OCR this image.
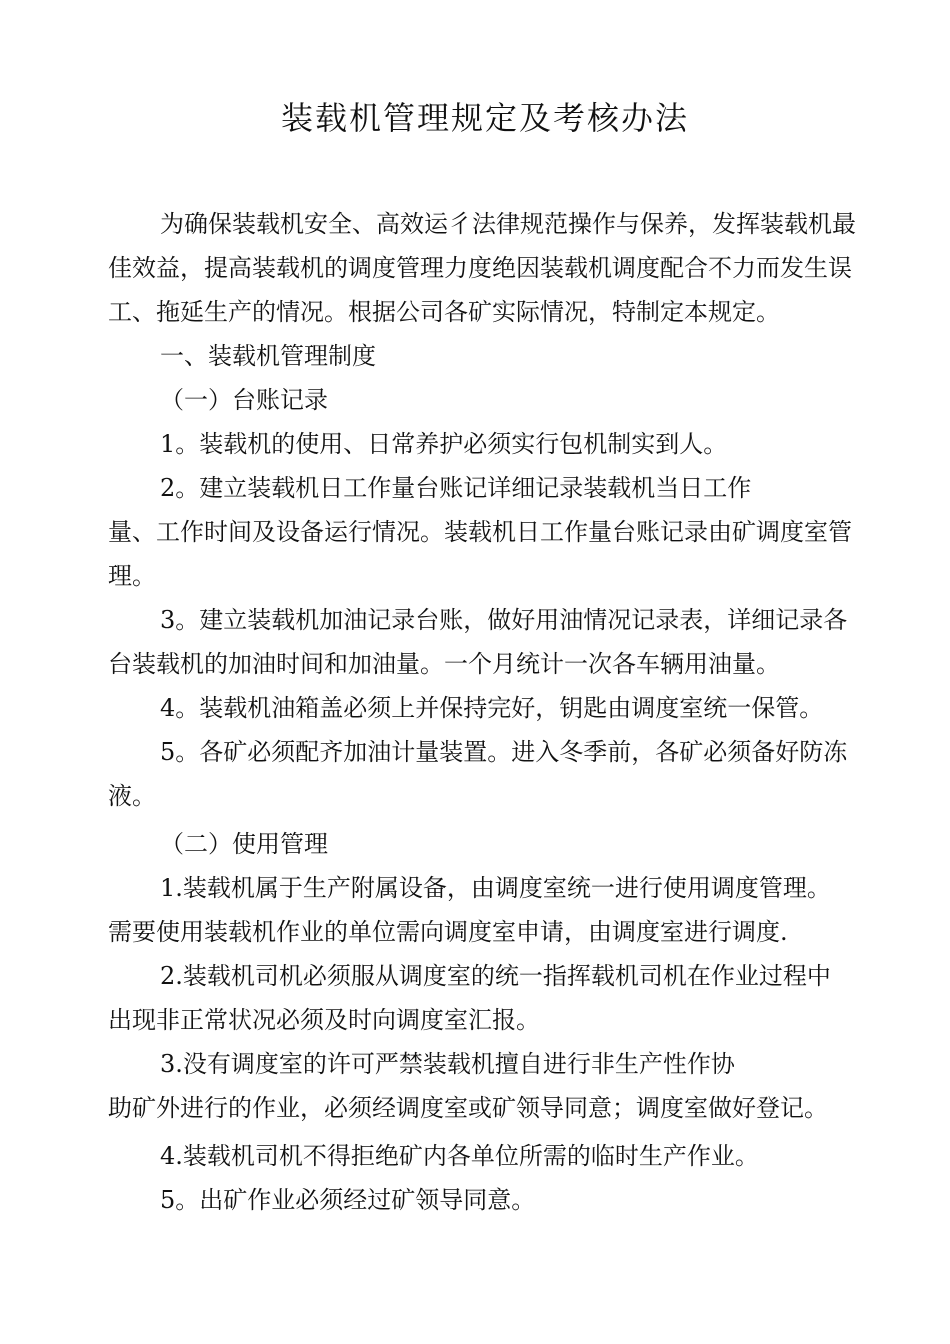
装载机管理规定及考核办法
为确保装载机安全、高效运彳法律规范操作与保养，发挥装载机最
佳效益，提高装载机的调度管理力度绝因装载机调度配合不力而发生误
工、拖延生产的情况。根据公司各矿实际情况，特制定本规定。
一、装载机管理制度
（一）台账记录
1。装载机的使用、日常养护必须实行包机制实到人。
2。建立装载机日工作量台账记详细记录装载机当日工作
量、工作时间及设备运行情况。装载机日工作量台账记录由矿调度室管
理。
3。建立装载机加油记录台账，做好用油情况记录表，详细记录各
台装载机的加油时间和加油量。一个月统计一次各车辆用油量。
4。装载机油箱盖必须上并保持完好，钥匙由调度室统一保管。
5。各矿必须配齐加油计量装置。进入冬季前，各矿必须备好防冻
液。
（二）使用管理
1.装载机属于生产附属设备，由调度室统一进行使用调度管理。
需要使用装载机作业的单位需向调度室申请，由调度室进行调度.
2.装载机司机必须服从调度室的统一指挥载机司机在作业过程中
出现非正常状况必须及时向调度室汇报。
3.没有调度室的许可严禁装载机擅自进行非生产性作协
助矿外进行的作业，必须经调度室或矿领导同意；调度室做好登记。
4.装载机司机不得拒绝矿内各单位所需的临时生产作业。
5。出矿作业必须经过矿领导同意。
